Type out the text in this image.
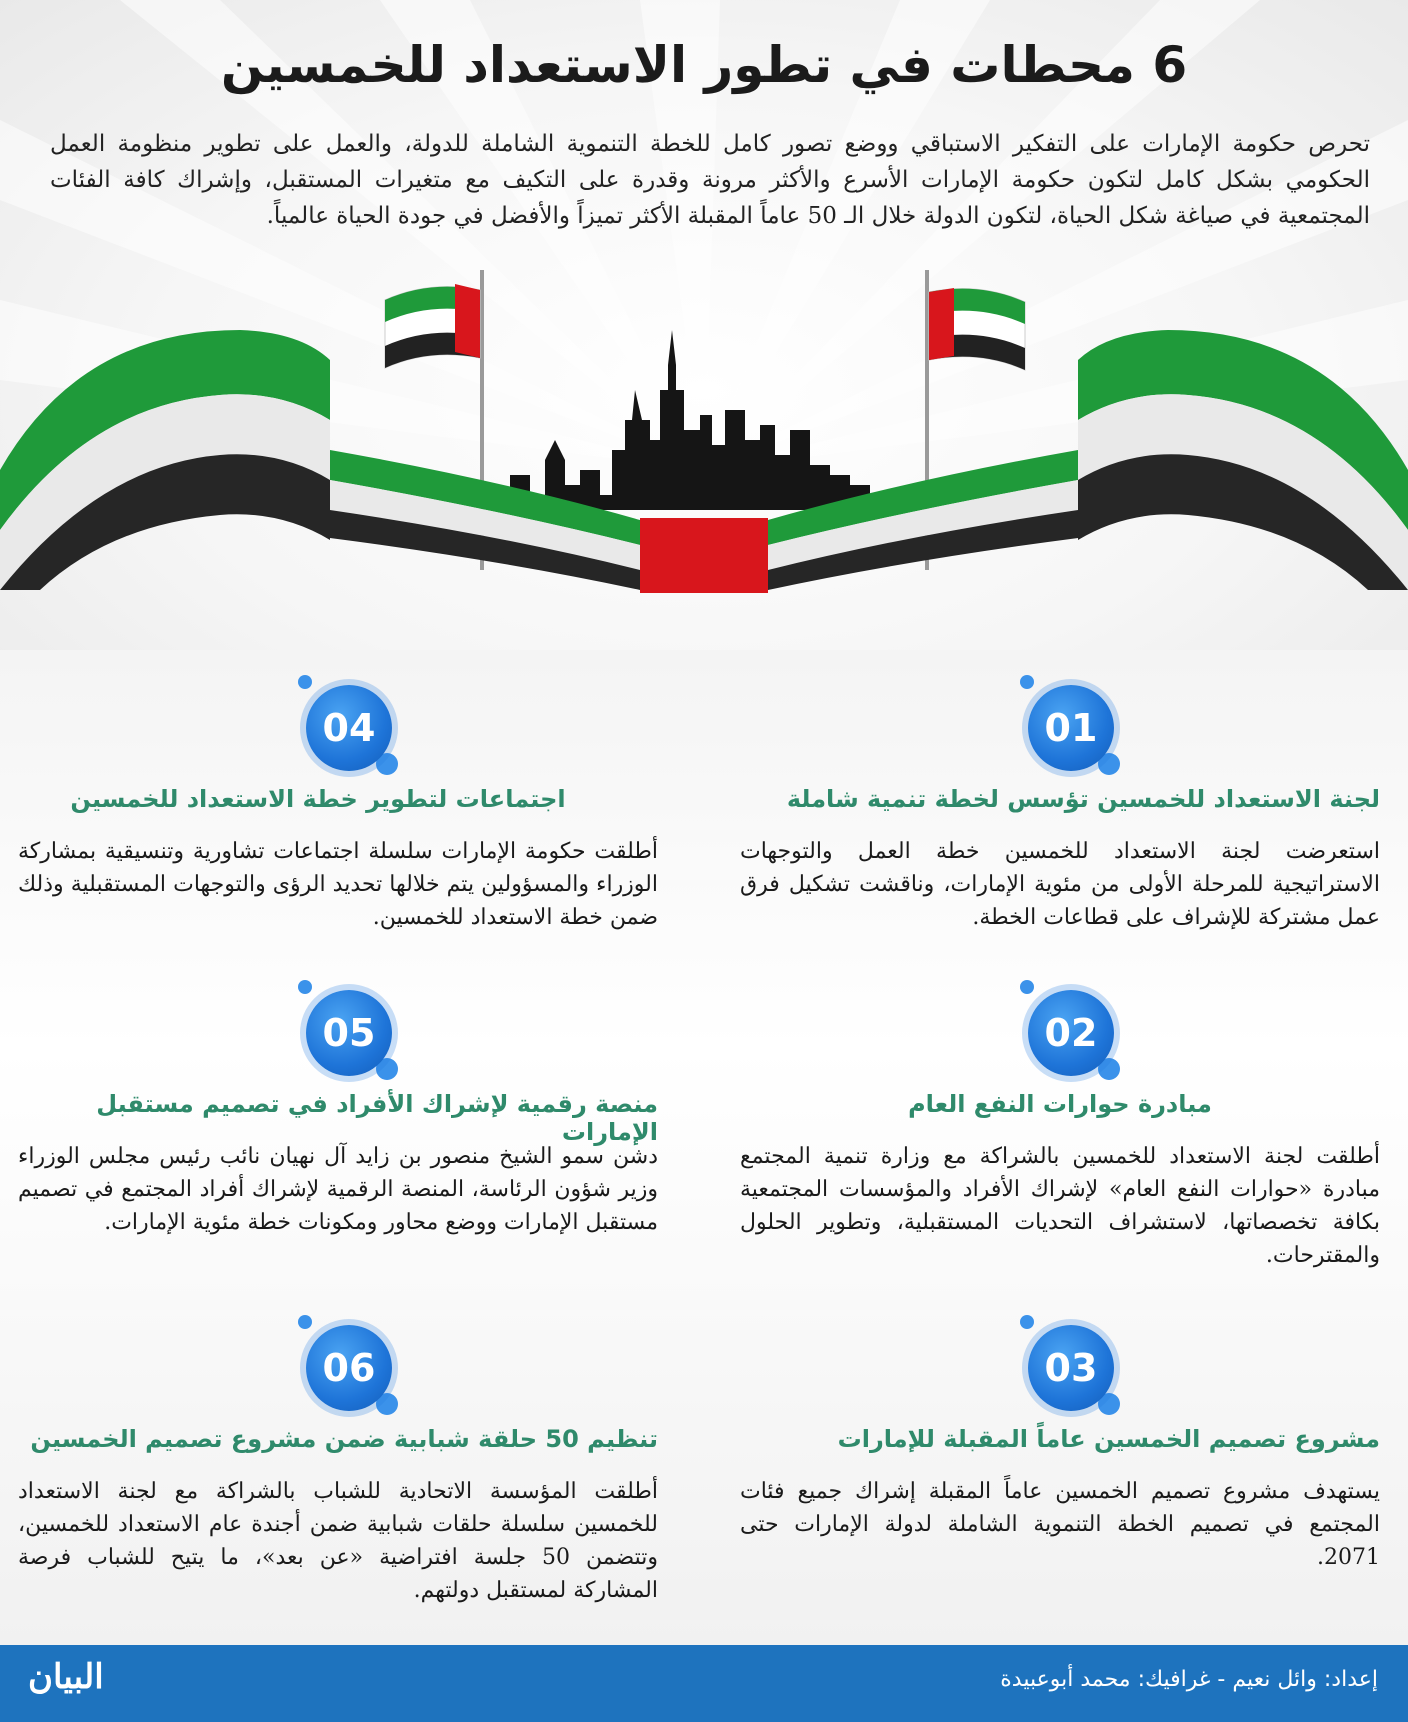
6 محطات في تطور الاستعداد للخمسين
تحرص حكومة الإمارات على التفكير الاستباقي ووضع تصور كامل للخطة التنموية الشاملة للدولة، والعمل على تطوير منظومة العمل الحكومي بشكل كامل لتكون حكومة الإمارات الأسرع والأكثر مرونة وقدرة على التكيف مع متغيرات المستقبل، وإشراك كافة الفئات المجتمعية في صياغة شكل الحياة، لتكون الدولة خلال الـ 50 عاماً المقبلة الأكثر تميزاً والأفضل في جودة الحياة عالمياً.
01
لجنة الاستعداد للخمسين تؤسس لخطة تنمية شاملة
استعرضت لجنة الاستعداد للخمسين خطة العمل والتوجهات الاستراتيجية للمرحلة الأولى من مئوية الإمارات، وناقشت تشكيل فرق عمل مشتركة للإشراف على قطاعات الخطة.
04
اجتماعات لتطوير خطة الاستعداد للخمسين
أطلقت حكومة الإمارات سلسلة اجتماعات تشاورية وتنسيقية بمشاركة الوزراء والمسؤولين يتم خلالها تحديد الرؤى والتوجهات المستقبلية وذلك ضمن خطة الاستعداد للخمسين.
02
مبادرة حوارات النفع العام
أطلقت لجنة الاستعداد للخمسين بالشراكة مع وزارة تنمية المجتمع مبادرة «حوارات النفع العام» لإشراك الأفراد والمؤسسات المجتمعية بكافة تخصصاتها، لاستشراف التحديات المستقبلية، وتطوير الحلول والمقترحات.
05
منصة رقمية لإشراك الأفراد في تصميم مستقبل الإمارات
دشن سمو الشيخ منصور بن زايد آل نهيان نائب رئيس مجلس الوزراء وزير شؤون الرئاسة، المنصة الرقمية لإشراك أفراد المجتمع في تصميم مستقبل الإمارات ووضع محاور ومكونات خطة مئوية الإمارات.
03
مشروع تصميم الخمسين عاماً المقبلة للإمارات
يستهدف مشروع تصميم الخمسين عاماً المقبلة إشراك جميع فئات المجتمع في تصميم الخطة التنموية الشاملة لدولة الإمارات حتى 2071.
06
تنظيم 50 حلقة شبابية ضمن مشروع تصميم الخمسين
أطلقت المؤسسة الاتحادية للشباب بالشراكة مع لجنة الاستعداد للخمسين سلسلة حلقات شبابية ضمن أجندة عام الاستعداد للخمسين، وتتضمن 50 جلسة افتراضية «عن بعد»، ما يتيح للشباب فرصة المشاركة لمستقبل دولتهم.
إعداد: وائل نعيم - غرافيك: محمد أبوعبيدة
البيان
